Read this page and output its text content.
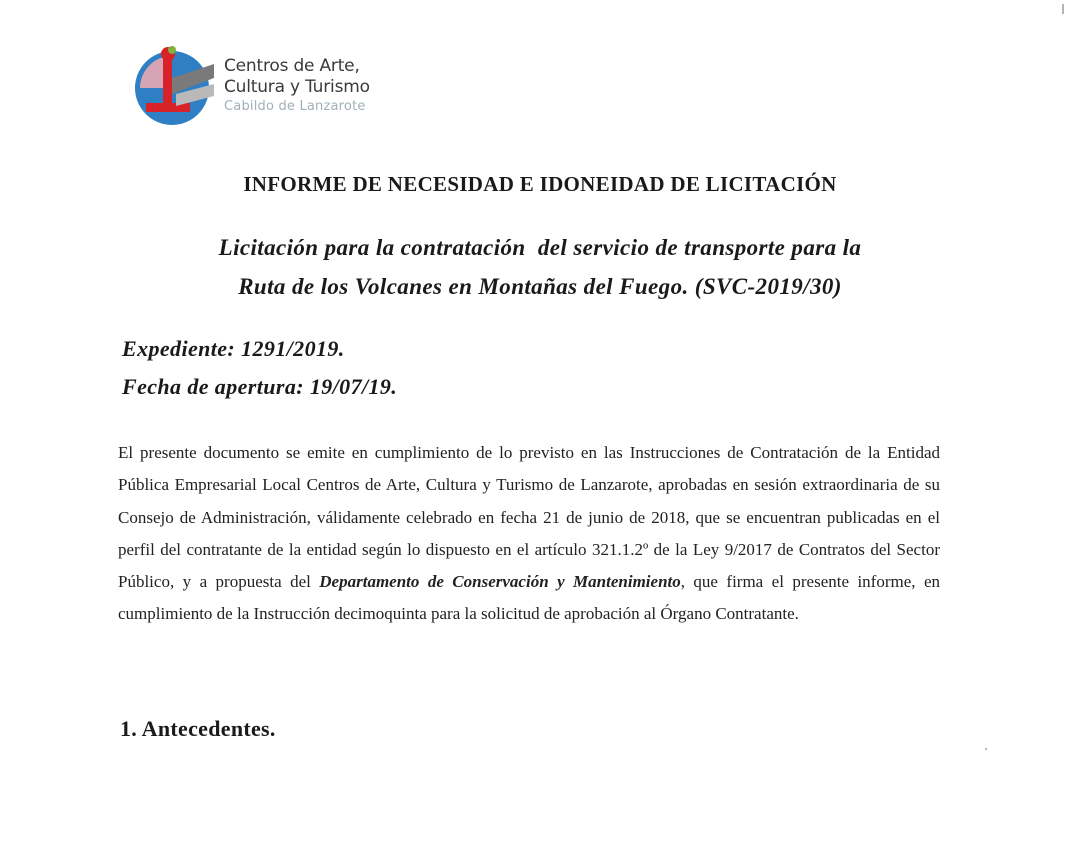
Centros de Arte,
Cultura y Turismo
Cabildo de Lanzarote
INFORME DE NECESIDAD E IDONEIDAD DE LICITACIÓN
Licitación para la contratación  del servicio de transporte para la
Ruta de los Volcanes en Montañas del Fuego. (SVC-2019/30)
Expediente: 1291/2019.
Fecha de apertura: 19/07/19.

El presente documento se emite en cumplimiento de lo previsto en las Instrucciones de Contratación de la Entidad Pública Empresarial Local Centros de Arte, Cultura y Turismo de Lanzarote, aprobadas en sesión extraordinaria de su Consejo de Administración, válidamente celebrado en fecha 21 de junio de 2018, que se encuentran publicadas en el perfil del contratante de la entidad según lo dispuesto en el artículo 321.1.2º de la Ley 9/2017 de Contratos del Sector Público, y a propuesta del Departamento de Conservación y Mantenimiento, que firma el presente informe, en cumplimiento de la Instrucción decimoquinta para la solicitud de aprobación al Órgano Contratante.

1. Antecedentes.
